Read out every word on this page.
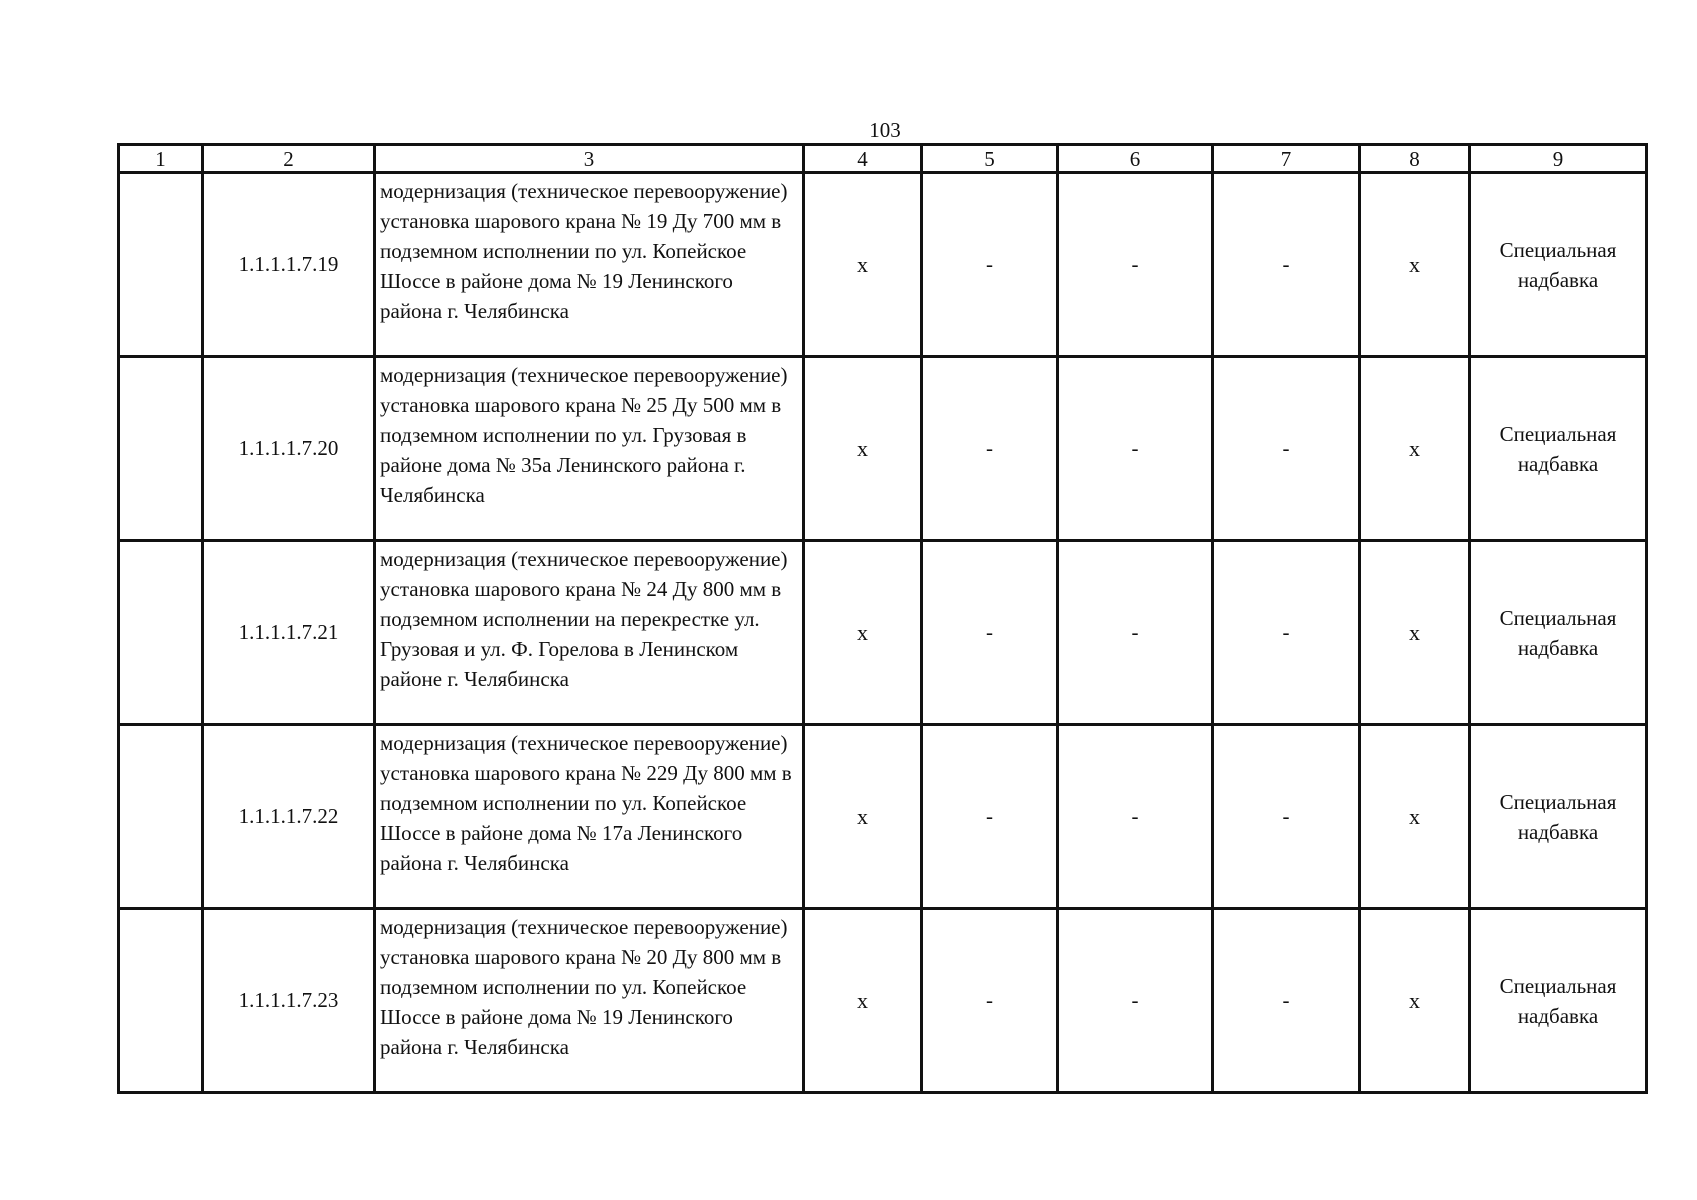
103
1	2	3	4	5	6	7	8	9
	1.1.1.1.7.19	модернизация (техническое перевооружение) установка шарового крана № 19 Ду 700 мм в подземном исполнении по ул. Копейское Шоссе в районе дома № 19 Ленинского района г. Челябинска	х	-	-	-	х	Специальная надбавка
	1.1.1.1.7.20	модернизация (техническое перевооружение) установка шарового крана № 25 Ду 500 мм в подземном исполнении по ул. Грузовая в районе дома № 35а Ленинского района г. Челябинска	х	-	-	-	х	Специальная надбавка
	1.1.1.1.7.21	модернизация (техническое перевооружение) установка шарового крана № 24 Ду 800 мм в подземном исполнении на перекрестке ул. Грузовая и ул. Ф. Горелова в Ленинском районе г. Челябинска	х	-	-	-	х	Специальная надбавка
	1.1.1.1.7.22	модернизация (техническое перевооружение) установка шарового крана № 229 Ду 800 мм в подземном исполнении по ул. Копейское Шоссе в районе дома № 17а Ленинского района г. Челябинска	х	-	-	-	х	Специальная надбавка
	1.1.1.1.7.23	модернизация (техническое перевооружение) установка шарового крана № 20 Ду 800 мм в подземном исполнении по ул. Копейское Шоссе в районе дома № 19 Ленинского района г. Челябинска	х	-	-	-	х	Специальная надбавка
